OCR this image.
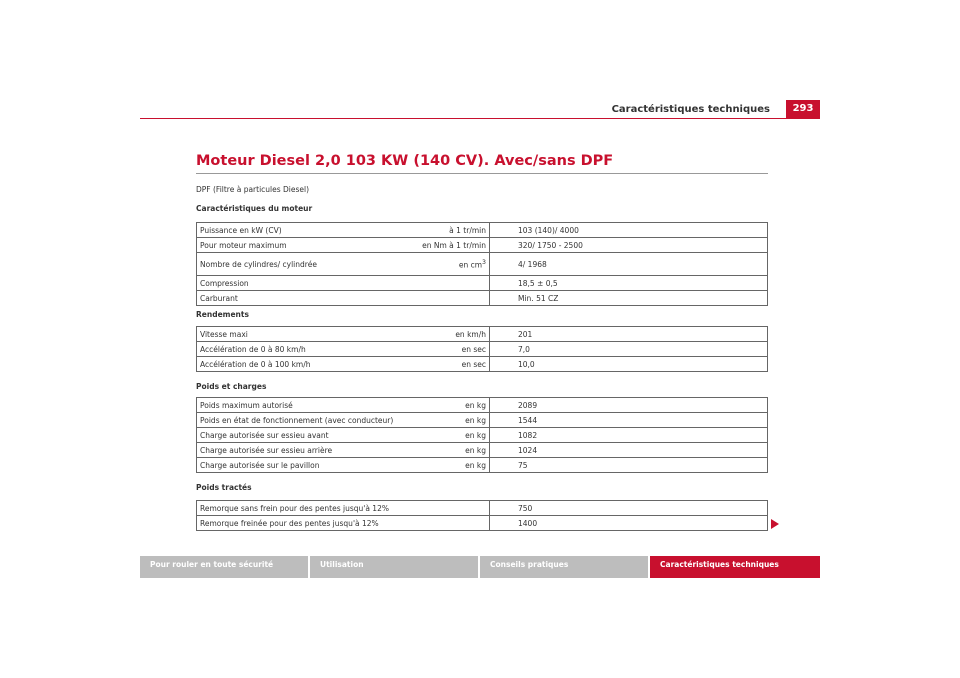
Caractéristiques techniques	293
Moteur Diesel 2,0 103 KW (140 CV). Avec/sans DPF
DPF (Filtre à particules Diesel)
Caractéristiques du moteur
Puissance en kW (CV)	à 1 tr/min	103 (140)/ 4000
Pour moteur maximum	en Nm à 1 tr/min	320/ 1750 - 2500
Nombre de cylindres/ cylindrée	en $cm^3$	4/ 1968
Compression		18,5 ± 0,5
Carburant		Min. 51 CZ
Rendements
Vitesse maxi	en km/h	201
Accélération de 0 à 80 km/h	en sec	7,0
Accélération de 0 à 100 km/h	en sec	10,0
Poids et charges
Poids maximum autorisé	en kg	2089
Poids en état de fonctionnement (avec conducteur)	en kg	1544
Charge autorisée sur essieu avant	en kg	1082
Charge autorisée sur essieu arrière	en kg	1024
Charge autorisée sur le pavillon	en kg	75
Poids tractés
Remorque sans frein pour des pentes jusqu'à 12%		750
Remorque freinée pour des pentes jusqu'à 12%		1400
Pour rouler en toute sécurité	Utilisation	Conseils pratiques	Caractéristiques techniques
